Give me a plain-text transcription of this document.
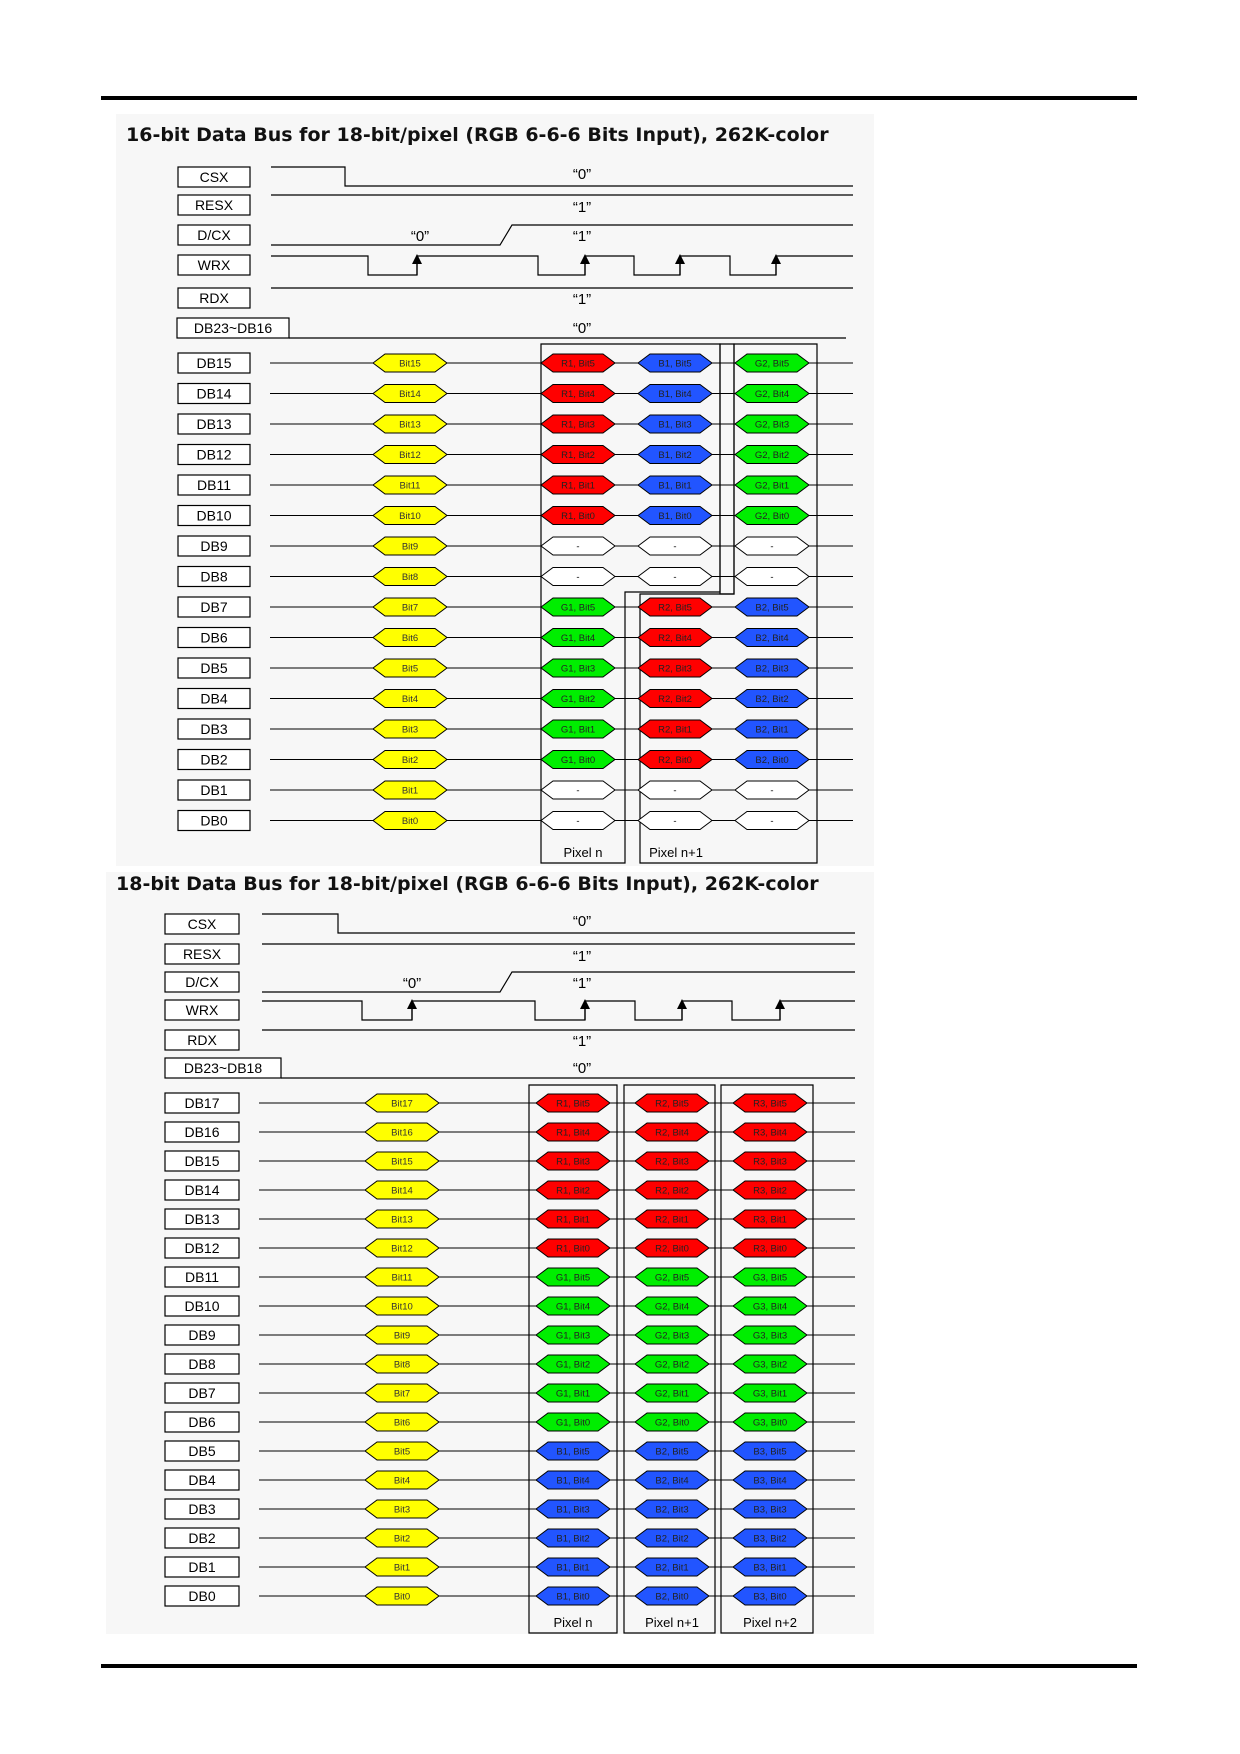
16-bit Data Bus for 18-bit/pixel (RGB 6-6-6 Bits Input), 262K-color
CSX
RESX
D/CX
WRX
RDX
DB23~DB16
“0”
“1”
“0”	“1”
“1”
“0”
DB15	Bit15	R1, Bit5	B1, Bit5	G2, Bit5
DB14	Bit14	R1, Bit4	B1, Bit4	G2, Bit4
DB13	Bit13	R1, Bit3	B1, Bit3	G2, Bit3
DB12	Bit12	R1, Bit2	B1, Bit2	G2, Bit2
DB11	Bit11	R1, Bit1	B1, Bit1	G2, Bit1
DB10	Bit10	R1, Bit0	B1, Bit0	G2, Bit0
DB9	Bit9	-	-	-
DB8	Bit8	-	-	-
DB7	Bit7	G1, Bit5	R2, Bit5	B2, Bit5
DB6	Bit6	G1, Bit4	R2, Bit4	B2, Bit4
DB5	Bit5	G1, Bit3	R2, Bit3	B2, Bit3
DB4	Bit4	G1, Bit2	R2, Bit2	B2, Bit2
DB3	Bit3	G1, Bit1	R2, Bit1	B2, Bit1
DB2	Bit2	G1, Bit0	R2, Bit0	B2, Bit0
DB1	Bit1	-	-	-
DB0	Bit0	-	-	-
Pixel n	Pixel n+1
18-bit Data Bus for 18-bit/pixel (RGB 6-6-6 Bits Input), 262K-color
CSX
RESX
D/CX
WRX
RDX
DB23~DB18
“0”
“1”
“0”	“1”
“1”
“0”
DB17	Bit17	R1, Bit5	R2, Bit5	R3, Bit5
DB16	Bit16	R1, Bit4	R2, Bit4	R3, Bit4
DB15	Bit15	R1, Bit3	R2, Bit3	R3, Bit3
DB14	Bit14	R1, Bit2	R2, Bit2	R3, Bit2
DB13	Bit13	R1, Bit1	R2, Bit1	R3, Bit1
DB12	Bit12	R1, Bit0	R2, Bit0	R3, Bit0
DB11	Bit11	G1, Bit5	G2, Bit5	G3, Bit5
DB10	Bit10	G1, Bit4	G2, Bit4	G3, Bit4
DB9	Bit9	G1, Bit3	G2, Bit3	G3, Bit3
DB8	Bit8	G1, Bit2	G2, Bit2	G3, Bit2
DB7	Bit7	G1, Bit1	G2, Bit1	G3, Bit1
DB6	Bit6	G1, Bit0	G2, Bit0	G3, Bit0
DB5	Bit5	B1, Bit5	B2, Bit5	B3, Bit5
DB4	Bit4	B1, Bit4	B2, Bit4	B3, Bit4
DB3	Bit3	B1, Bit3	B2, Bit3	B3, Bit3
DB2	Bit2	B1, Bit2	B2, Bit2	B3, Bit2
DB1	Bit1	B1, Bit1	B2, Bit1	B3, Bit1
DB0	Bit0	B1, Bit0	B2, Bit0	B3, Bit0
Pixel n	Pixel n+1	Pixel n+2
